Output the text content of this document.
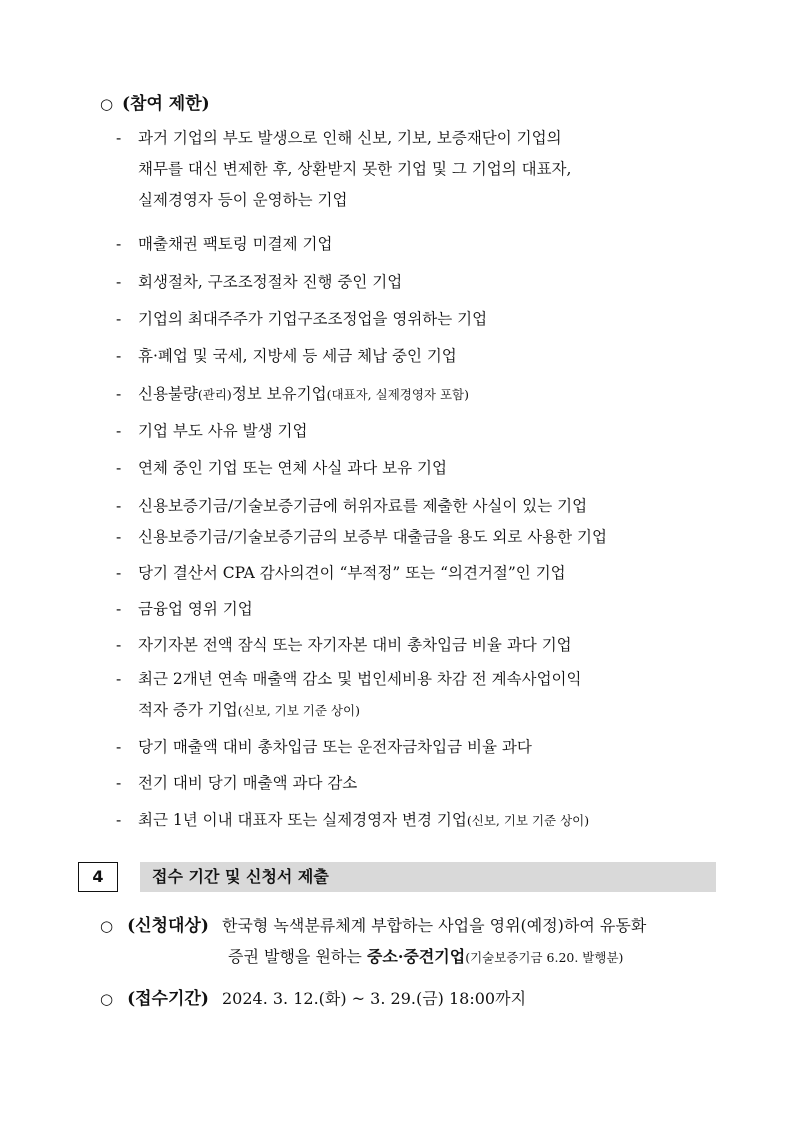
○ (참여 제한)
- 과거 기업의 부도 발생으로 인해 신보, 기보, 보증재단이 기업의
채무를 대신 변제한 후, 상환받지 못한 기업 및 그 기업의 대표자,
실제경영자 등이 운영하는 기업
- 매출채권 팩토링 미결제 기업
- 회생절차, 구조조정절차 진행 중인 기업
- 기업의 최대주주가 기업구조조정업을 영위하는 기업
- 휴·폐업 및 국세, 지방세 등 세금 체납 중인 기업
- 신용불량(관리)정보 보유기업(대표자, 실제경영자 포함)
- 기업 부도 사유 발생 기업
- 연체 중인 기업 또는 연체 사실 과다 보유 기업
- 신용보증기금/기술보증기금에 허위자료를 제출한 사실이 있는 기업
- 신용보증기금/기술보증기금의 보증부 대출금을 용도 외로 사용한 기업
- 당기 결산서 CPA 감사의견이 “부적정” 또는 “의견거절”인 기업
- 금융업 영위 기업
- 자기자본 전액 잠식 또는 자기자본 대비 총차입금 비율 과다 기업
- 최근 2개년 연속 매출액 감소 및 법인세비용 차감 전 계속사업이익
적자 증가 기업(신보, 기보 기준 상이)
- 당기 매출액 대비 총차입금 또는 운전자금차입금 비율 과다
- 전기 대비 당기 매출액 과다 감소
- 최근 1년 이내 대표자 또는 실제경영자 변경 기업(신보, 기보 기준 상이)
4	접수 기간 및 신청서 제출
○ (신청대상) 한국형 녹색분류체계 부합하는 사업을 영위(예정)하여 유동화
증권 발행을 원하는 중소·중견기업(기술보증기금 6.20. 발행분)
○ (접수기간) 2024. 3. 12.(화) ~ 3. 29.(금) 18:00까지
